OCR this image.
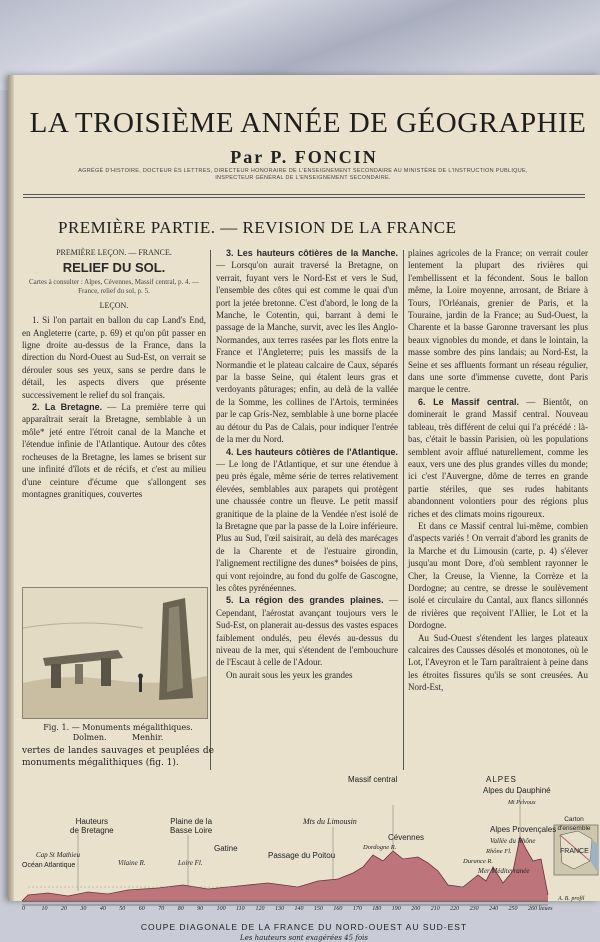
LA TROISIÈME ANNÉE DE GÉOGRAPHIE
Par P. FONCIN
AGRÉGÉ D'HISTOIRE, DOCTEUR ÈS LETTRES, DIRECTEUR HONORAIRE DE L'ENSEIGNEMENT SECONDAIRE AU MINISTÈRE DE L'INSTRUCTION PUBLIQUE,
INSPECTEUR GÉNÉRAL DE L'ENSEIGNEMENT SECONDAIRE.
PREMIÈRE PARTIE. — REVISION DE LA FRANCE
PREMIÈRE LEÇON. — FRANCE.
RELIEF DU SOL.
Cartes à consulter : Alpes, Cévennes, Massif central, p. 4. — France, relief du sol, p. 5.
LEÇON.

1. Si l'on partait en ballon du cap Land's End, en Angleterre (carte, p. 69) et qu'on pût passer en ligne droite au-dessus de la France, dans la direction du Nord-Ouest au Sud-Est, on verrait se dérouler sous ses yeux, sans se perdre dans le détail, les aspects divers que présente successivement le relief du sol français.

2. La Bretagne. — La première terre qui apparaîtrait serait la Bretagne, semblable à un môle* jeté entre l'étroit canal de la Manche et l'étendue infinie de l'Atlantique. Autour des côtes rocheuses de la Bretagne, les lames se brisent sur une infinité d'îlots et de récifs, et c'est au milieu d'une ceinture d'écume que s'allongent ses montagnes granitiques, couvertes

Fig. 1. — Monuments mégalithiques.
Dolmen.          Menhir.
vertes de landes sauvages et peuplées de monuments mégalithiques (fig. 1).

3. Les hauteurs côtières de la Manche. — Lorsqu'on aurait traversé la Bretagne, on verrait, fuyant vers le Nord-Est et vers le Sud, l'ensemble des côtes qui est comme le quai d'un port la jetée bretonne. C'est d'abord, le long de la Manche, le Cotentin, qui, barrant à demi le passage de la Manche, survit, avec les îles Anglo-Normandes, aux terres rasées par les flots entre la France et l'Angleterre; puis les massifs de la Normandie et le plateau calcaire de Caux, séparés par la basse Seine, qui étalent leurs gras et verdoyants pâturages; enfin, au delà de la vallée de la Somme, les collines de l'Artois, terminées par le cap Gris-Nez, semblable à une borne placée au détour du Pas de Calais, pour indiquer l'entrée de la mer du Nord.

4. Les hauteurs côtières de l'Atlantique. — Le long de l'Atlantique, et sur une étendue à peu près égale, même série de terres relativement élevées, semblables aux parapets qui protègent une chaussée contre un fleuve. Le petit massif granitique de la plaine de la Vendée n'est isolé de la Bretagne que par la passe de la Loire inférieure. Plus au Sud, l'œil saisirait, au delà des marécages de la Charente et de l'estuaire girondin, l'alignement rectiligne des dunes* boisées de pins, qui vont rejoindre, au fond du golfe de Gascogne, les côtes pyrénéennes.

5. La région des grandes plaines. — Cependant, l'aérostat avançant toujours vers le Sud-Est, on planerait au-dessus des vastes espaces faiblement ondulés, peu élevés au-dessus du niveau de la mer, qui s'étendent de l'embouchure de l'Escaut à celle de l'Adour.

On aurait sous les yeux les grandes

plaines agricoles de la France; on verrait couler lentement la plupart des rivières qui l'embellissent et la fécondent. Sous le ballon même, la Loire moyenne, arrosant, de Briare à Tours, l'Orléanais, grenier de Paris, et la Touraine, jardin de la France; au Sud-Ouest, la Charente et la basse Garonne traversant les plus beaux vignobles du monde, et dans le lointain, la masse sombre des pins landais; au Nord-Est, la Seine et ses affluents formant un réseau régulier, dans une sorte d'immense cuvette, dont Paris marque le centre.

6. Le Massif central. — Bientôt, on dominerait le grand Massif central. Nouveau tableau, très différent de celui qui l'a précédé : là-bas, c'était le bassin Parisien, où les populations semblent avoir afflué naturellement, comme les eaux, vers une des plus grandes villes du monde; ici c'est l'Auvergne, dôme de terres en grande partie stériles, que ses rudes habitants abandonnent volontiers pour des régions plus riches et des climats moins rigoureux.

Et dans ce Massif central lui-même, combien d'aspects variés ! On verrait d'abord les granits de la Marche et du Limousin (carte, p. 4) s'élever jusqu'au mont Dore, d'où semblent rayonner le Cher, la Creuse, la Vienne, la Corrèze et la Dordogne; au centre, se dresse le soulèvement isolé et circulaire du Cantal, aux flancs sillonnés de rivières que reçoivent l'Allier, le Lot et la Dordogne.

Au Sud-Ouest s'étendent les larges plateaux calcaires des Causses désolés et monotones, où le Lot, l'Aveyron et le Tarn paraîtraient à peine dans les étroites fissures qu'ils se sont creusées. Au Nord-Est,

Massif central	ALPES
Alpes du Dauphiné
Mt Pelvoux
Hauteurs
de Bretagne
Plaine de la
Basse Loire
Mts du Limousin
Cévennes
Alpes Provençales
Vallée du Rhône
Carton d'ensemble
Cap St Mathieu
Océan Atlantique	Vilaine R.	Loire Fl.
Gatine
Passage du Poitou
Dordogne R.
Rhône Fl.
Durance R.
Mer Méditerranée
FRANCE
0	10 20 30 40 50 60 70 80 90 100 110 120 130 140 150 160 170 180 190 200 210 220 230 240 250 260 lieues
A. B. profil
COUPE DIAGONALE DE LA FRANCE DU NORD-OUEST AU SUD-EST
Les hauteurs sont exagérées 45 fois
